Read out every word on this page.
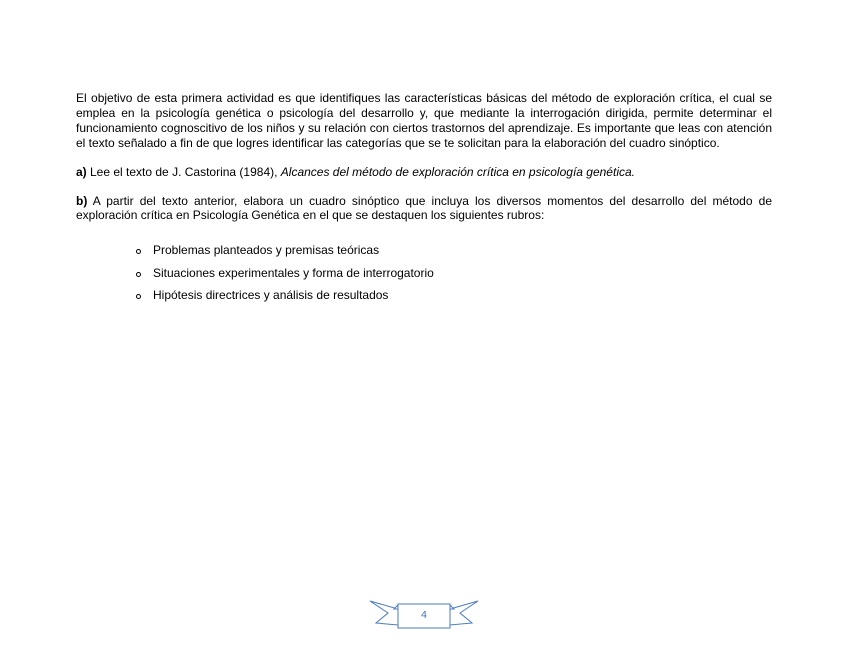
El objetivo de esta primera actividad es que identifiques las características básicas del método de exploración crítica, el cual se emplea en la psicología genética o psicología del desarrollo y, que mediante la interrogación dirigida, permite determinar el funcionamiento cognoscitivo de los niños y su relación con ciertos trastornos del aprendizaje. Es importante que leas con atención el texto señalado a fin de que logres identificar las categorías que se te solicitan para la elaboración del cuadro sinóptico.

a) Lee el texto de J. Castorina (1984), Alcances del método de exploración crítica en psicología genética.

b) A partir del texto anterior, elabora un cuadro sinóptico que incluya los diversos momentos del desarrollo del método de exploración crítica en Psicología Genética en el que se destaquen los siguientes rubros:

Problemas planteados y premisas teóricas
Situaciones experimentales y forma de interrogatorio
Hipótesis directrices y análisis de resultados
4
